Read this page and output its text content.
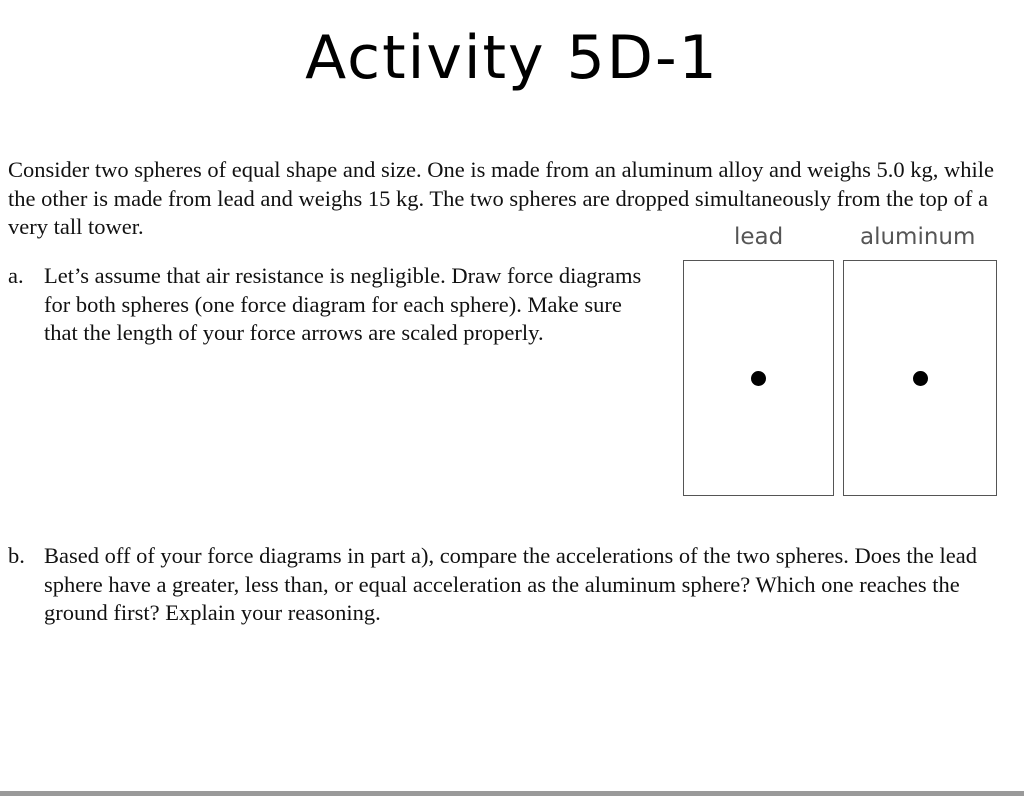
Activity 5D-1

Consider two spheres of equal shape and size. One is made from an aluminum alloy and weighs 5.0 kg, while the other is made from lead and weighs 15 kg. The two spheres are dropped simultaneously from the top of a very tall tower.

a. Let’s assume that air resistance is negligible. Draw force diagrams for both spheres (one force diagram for each sphere). Make sure that the length of your force arrows are scaled properly.
lead	aluminum
b. Based off of your force diagrams in part a), compare the accelerations of the two spheres. Does the lead sphere have a greater, less than, or equal acceleration as the aluminum sphere? Which one reaches the ground first? Explain your reasoning.
